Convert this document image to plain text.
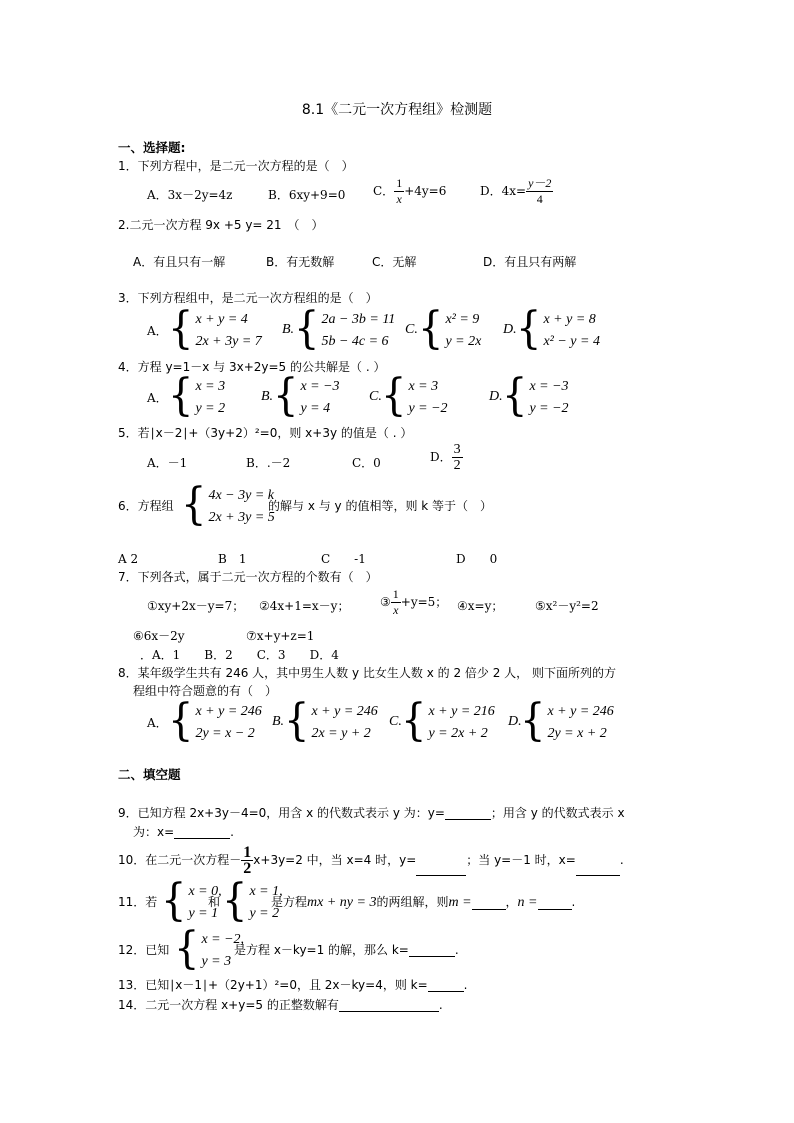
8.1《二元一次方程组》检测题
一、选择题:
1．下列方程中，是二元一次方程的是（　）
A．3x－2y=4z	B．6xy+9=0 C． $\frac{1}{x} +4y=6$	D．$4x= \frac{y-2}{4}$
2.二元一次方程 9x +5 y= 21　（　）
A．有且只有一解	B．有无数解	C．无解	D．有且只有两解
3．下列方程组中，是二元一次方程组的是（　）
A． { x + y = 4
2x + 3y = 7
B. { 2a − 3b = 11
5b − 4c = 6
C. { x² = 9
y = 2x
D. { x + y = 8
x² − y = 4
4．方程 y=1－x 与 3x+2y=5 的公共解是（ . ）
A． { x = 3
y = 2
B. { x = −3
y = 4
C. { x = 3
y = −2
D. { x = −3
y = −2
5．若∣x－2∣+（3y+2）²=0，则 x+3y 的值是（ . ）
A．－1	B．.－2	C．0	D． $\frac{3}{2}$
6．方程组 { 4x − 3y = k
2x + 3y = 5
的解与 x 与 y 的值相等，则 k 等于（　）
A 2	B　1	C　　-1	D　　0
7．下列各式，属于二元一次方程的个数有（　）
①xy+2x－y=7； ②4x+1=x－y；	③ $\frac{1}{x} +y=5$； ④x=y；	⑤x²－y²=2
⑥6x－2y	⑦x+y+z=1
．A．1　　B．2　　C．3　　D．4
8．某年级学生共有 246 人，其中男生人数 y 比女生人数 x 的 2 倍少 2 人， 则下面所列的方
程组中符合题意的有（　）
A． { x + y = 246
2y = x − 2
B. { x + y = 246
2x = y + 2
C. { x + y = 216
y = 2x + 2
D.
{ x + y = 246
2y = x + 2
二、填空题
9．已知方程 2x+3y－4=0，用含 x 的代数式表示 y 为：y=	；用含 y 的代数式表示 x
为：x=	.
10．在二元一次方程－ $\frac{1}{2} x+3y=2$ 中，当 x=4 时，y=	；当 y=－1 时，x=	.
11．若 { x = 0,
y = 1
和 { x = 1,
y = 2
是方程mx + ny = 3的两组解，则m =	，n =	.
12．已知 { x = −2,
y = 3
是方程 x－ky=1 的解，那么 k=	.
13．已知∣x－1∣+（2y+1）²=0，且 2x－ky=4，则 k=	.
14．二元一次方程 x+y=5 的正整数解有	.
